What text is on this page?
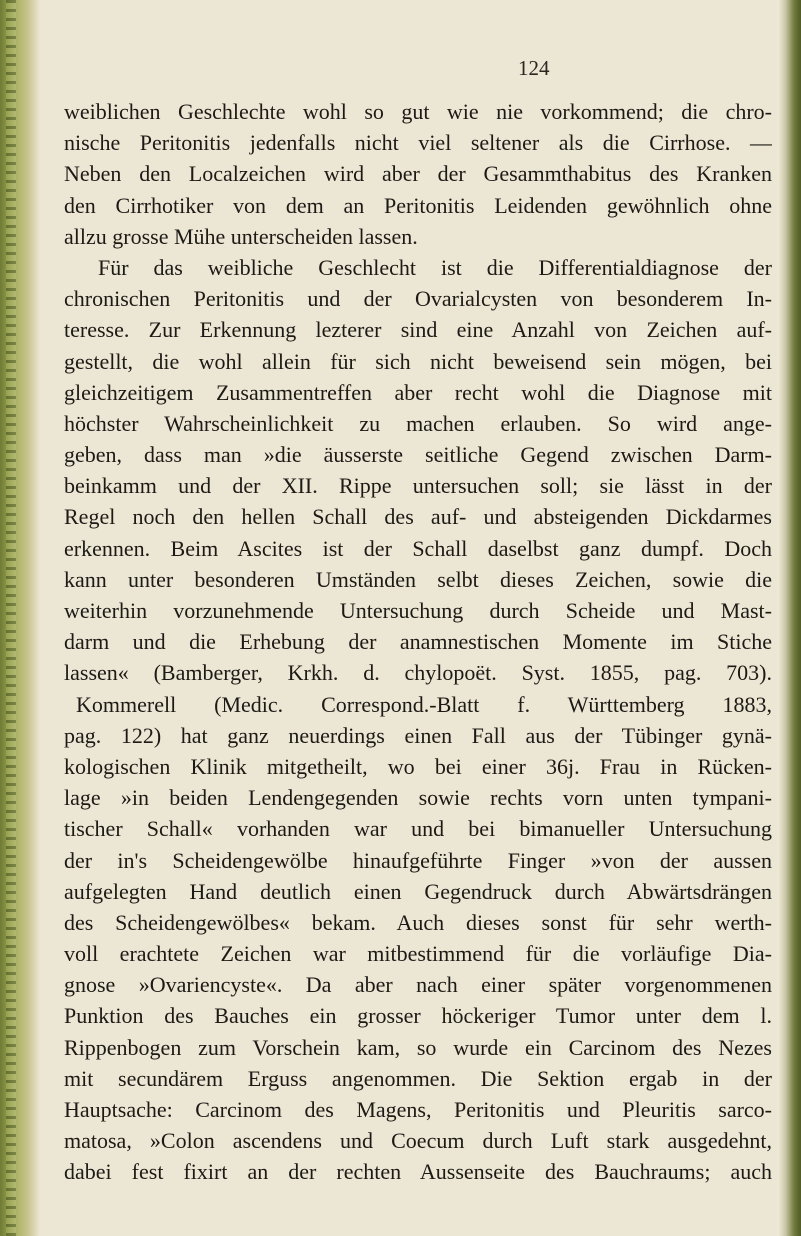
124
weiblichen Geschlechte wohl so gut wie nie vorkommend; die chro-
nische Peritonitis jedenfalls nicht viel seltener als die Cirrhose. —
Neben den Localzeichen wird aber der Gesammthabitus des Kranken
den Cirrhotiker von dem an Peritonitis Leidenden gewöhnlich ohne
allzu grosse Mühe unterscheiden lassen.
Für das weibliche Geschlecht ist die Differentialdiagnose der
chronischen Peritonitis und der Ovarialcysten von besonderem In-
teresse. Zur Erkennung lezterer sind eine Anzahl von Zeichen auf-
gestellt, die wohl allein für sich nicht beweisend sein mögen, bei
gleichzeitigem Zusammentreffen aber recht wohl die Diagnose mit
höchster Wahrscheinlichkeit zu machen erlauben. So wird ange-
geben, dass man »die äusserste seitliche Gegend zwischen Darm-
beinkamm und der XII. Rippe untersuchen soll; sie lässt in der
Regel noch den hellen Schall des auf- und absteigenden Dickdarmes
erkennen. Beim Ascites ist der Schall daselbst ganz dumpf. Doch
kann unter besonderen Umständen selbt dieses Zeichen, sowie die
weiterhin vorzunehmende Untersuchung durch Scheide und Mast-
darm und die Erhebung der anamnestischen Momente im Stiche
lassen« (Bamberger, Krkh. d. chylopoët. Syst. 1855, pag. 703).
Kommerell (Medic. Correspond.-Blatt f. Württemberg 1883,
pag. 122) hat ganz neuerdings einen Fall aus der Tübinger gynä-
kologischen Klinik mitgetheilt, wo bei einer 36j. Frau in Rücken-
lage »in beiden Lendengegenden sowie rechts vorn unten tympani-
tischer Schall« vorhanden war und bei bimanueller Untersuchung
der in's Scheidengewölbe hinaufgeführte Finger »von der aussen
aufgelegten Hand deutlich einen Gegendruck durch Abwärtsdrängen
des Scheidengewölbes« bekam. Auch dieses sonst für sehr werth-
voll erachtete Zeichen war mitbestimmend für die vorläufige Dia-
gnose »Ovariencyste«. Da aber nach einer später vorgenommenen
Punktion des Bauches ein grosser höckeriger Tumor unter dem l.
Rippenbogen zum Vorschein kam, so wurde ein Carcinom des Nezes
mit secundärem Erguss angenommen. Die Sektion ergab in der
Hauptsache: Carcinom des Magens, Peritonitis und Pleuritis sarco-
matosa, »Colon ascendens und Coecum durch Luft stark ausgedehnt,
dabei fest fixirt an der rechten Aussenseite des Bauchraums; auch
